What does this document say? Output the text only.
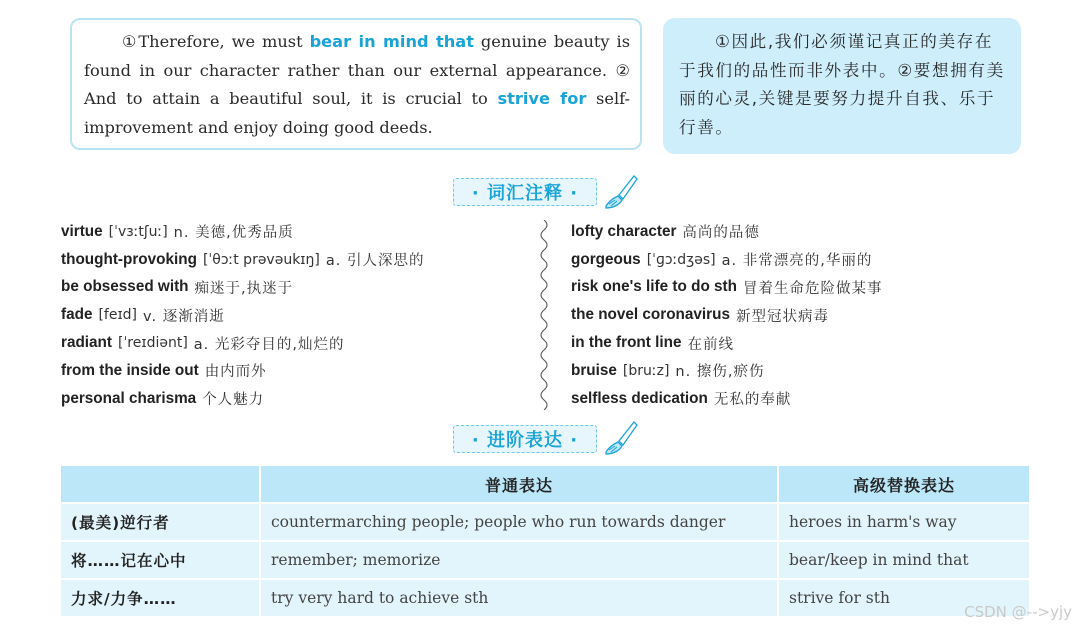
①Therefore, we must bear in mind that genuine beauty is found in our character rather than our external appearance. ② And to attain a beautiful soul, it is crucial to strive for self-improvement and enjoy doing good deeds.

①因此,我们必须谨记真正的美存在于我们的品性而非外表中。②要想拥有美丽的心灵,关键是要努力提升自我、乐于行善。

· 词汇注释 ·
virtue [ˈvɜːtʃuː] n. 美德,优秀品质
thought-provoking [ˈθɔːt prəvəukɪŋ] a. 引人深思的
be obsessed with 痴迷于,执迷于
fade [feɪd] v. 逐渐消逝
radiant [ˈreɪdiənt] a. 光彩夺目的,灿烂的
from the inside out 由内而外
personal charisma 个人魅力
lofty character 高尚的品德
gorgeous [ˈɡɔːdʒəs] a. 非常漂亮的,华丽的
risk one's life to do sth 冒着生命危险做某事
the novel coronavirus 新型冠状病毒
in the front line 在前线
bruise [bruːz] n. 擦伤,瘀伤
selfless dedication 无私的奉献
· 进阶表达 ·
	普通表达	高级替换表达
(最美)逆行者	countermarching people; people who run towards danger	heroes in harm's way
将……记在心中	remember; memorize	bear/keep in mind that
力求/力争……	try very hard to achieve sth	strive for sth
CSDN @-->yjy
